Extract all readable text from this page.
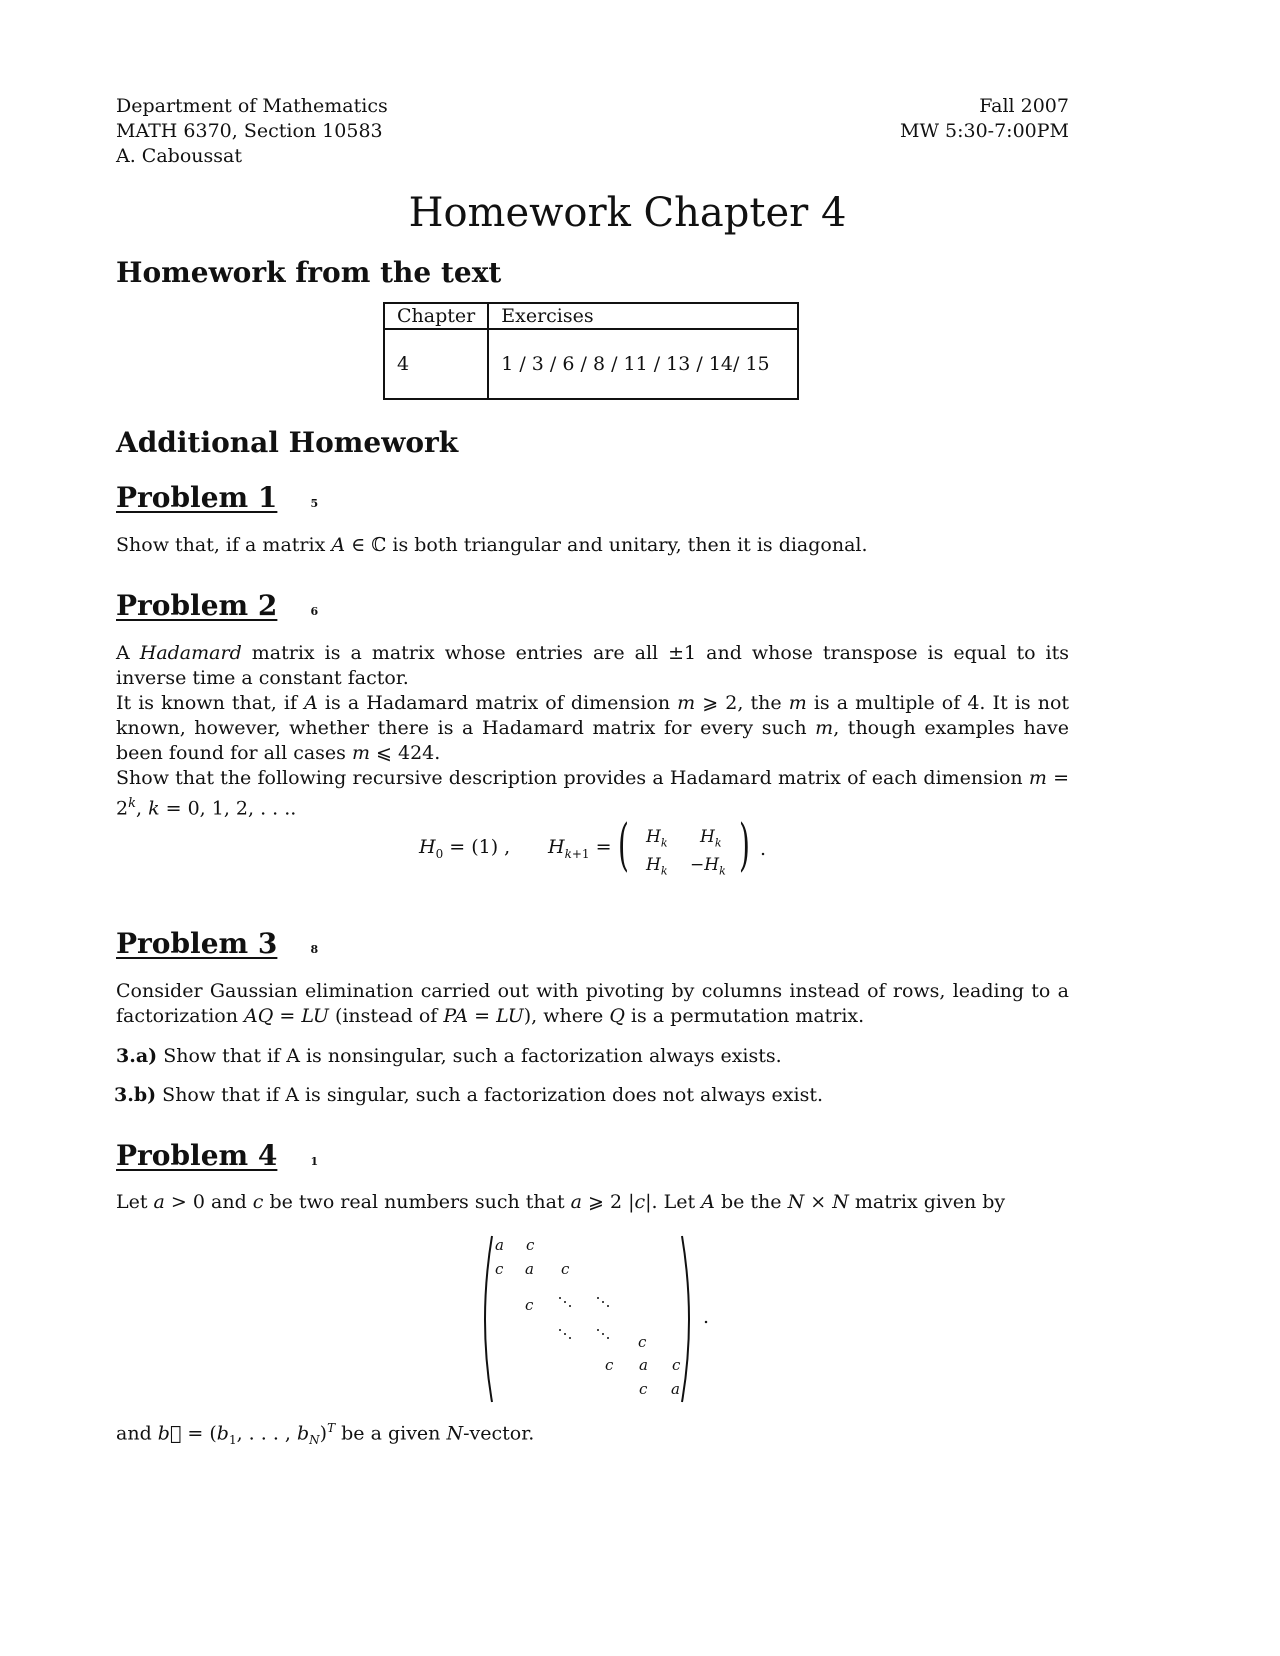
Department of Mathematics
MATH 6370, Section 10583
A. Caboussat
Fall 2007
MW 5:30-7:00PM
Homework Chapter 4
Homework from the text
Chapter	Exercises
4	1 / 3 / 6 / 8 / 11 / 13 / 14/ 15
Additional Homework
Problem 1	5
Show that, if a matrix A ∈ ℂ is both triangular and unitary, then it is diagonal.
Problem 2	6
A Hadamard matrix is a matrix whose entries are all ±1 and whose transpose is equal to its inverse time a constant factor.
It is known that, if A is a Hadamard matrix of dimension m ⩾ 2, the m is a multiple of 4. It is not known, however, whether there is a Hadamard matrix for every such m, though examples have been found for all cases m ⩽ 424.
Show that the following recursive description provides a Hadamard matrix of each dimension $m = 2^k$, k = 0, 1, 2, . . ..
$H_0 = (1)$ , $H_{k+1}$ = ( )
$H_k$ $H_k$
$H_k -H_k$
.
Problem 3	8
Consider Gaussian elimination carried out with pivoting by columns instead of rows, leading to a factorization AQ = LU (instead of PA = LU), where Q is a permutation matrix.
3.a) Show that if A is nonsingular, such a factorization always exists.
3.b) Show that if A is singular, such a factorization does not always exist.
Problem 4	1
Let a > 0 and c be two real numbers such that a ⩾ 2 |c|. Let A be the N × N matrix given by
a c
c a c
c
c
c a c
c a
.
and b⃗ = ($b_1$, . . . , $b_N)^T$ be a given N-vector.
